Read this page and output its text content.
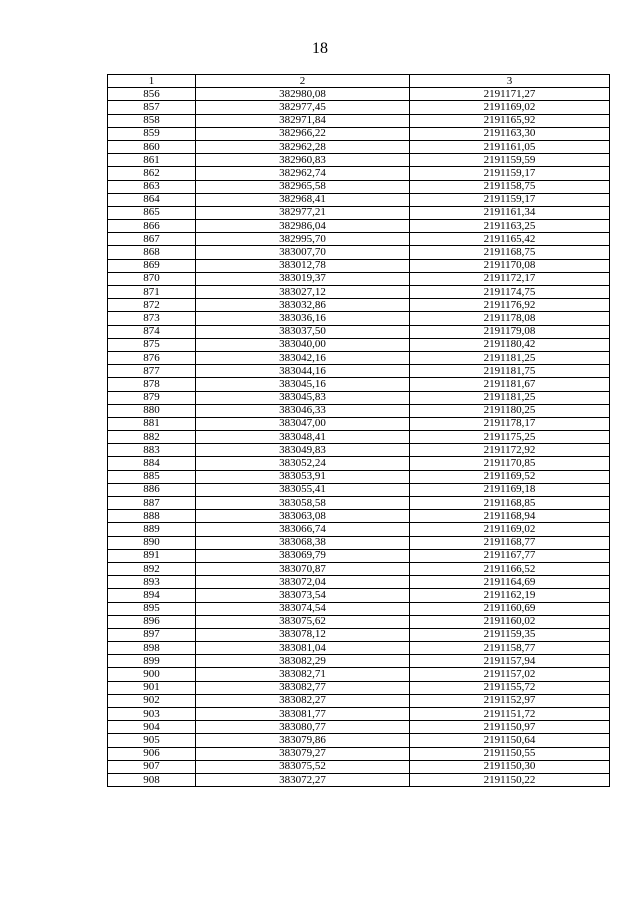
18
1	2	3
856	382980,08	2191171,27
857	382977,45	2191169,02
858	382971,84	2191165,92
859	382966,22	2191163,30
860	382962,28	2191161,05
861	382960,83	2191159,59
862	382962,74	2191159,17
863	382965,58	2191158,75
864	382968,41	2191159,17
865	382977,21	2191161,34
866	382986,04	2191163,25
867	382995,70	2191165,42
868	383007,70	2191168,75
869	383012,78	2191170,08
870	383019,37	2191172,17
871	383027,12	2191174,75
872	383032,86	2191176,92
873	383036,16	2191178,08
874	383037,50	2191179,08
875	383040,00	2191180,42
876	383042,16	2191181,25
877	383044,16	2191181,75
878	383045,16	2191181,67
879	383045,83	2191181,25
880	383046,33	2191180,25
881	383047,00	2191178,17
882	383048,41	2191175,25
883	383049,83	2191172,92
884	383052,24	2191170,85
885	383053,91	2191169,52
886	383055,41	2191169,18
887	383058,58	2191168,85
888	383063,08	2191168,94
889	383066,74	2191169,02
890	383068,38	2191168,77
891	383069,79	2191167,77
892	383070,87	2191166,52
893	383072,04	2191164,69
894	383073,54	2191162,19
895	383074,54	2191160,69
896	383075,62	2191160,02
897	383078,12	2191159,35
898	383081,04	2191158,77
899	383082,29	2191157,94
900	383082,71	2191157,02
901	383082,77	2191155,72
902	383082,27	2191152,97
903	383081,77	2191151,72
904	383080,77	2191150,97
905	383079,86	2191150,64
906	383079,27	2191150,55
907	383075,52	2191150,30
908	383072,27	2191150,22
